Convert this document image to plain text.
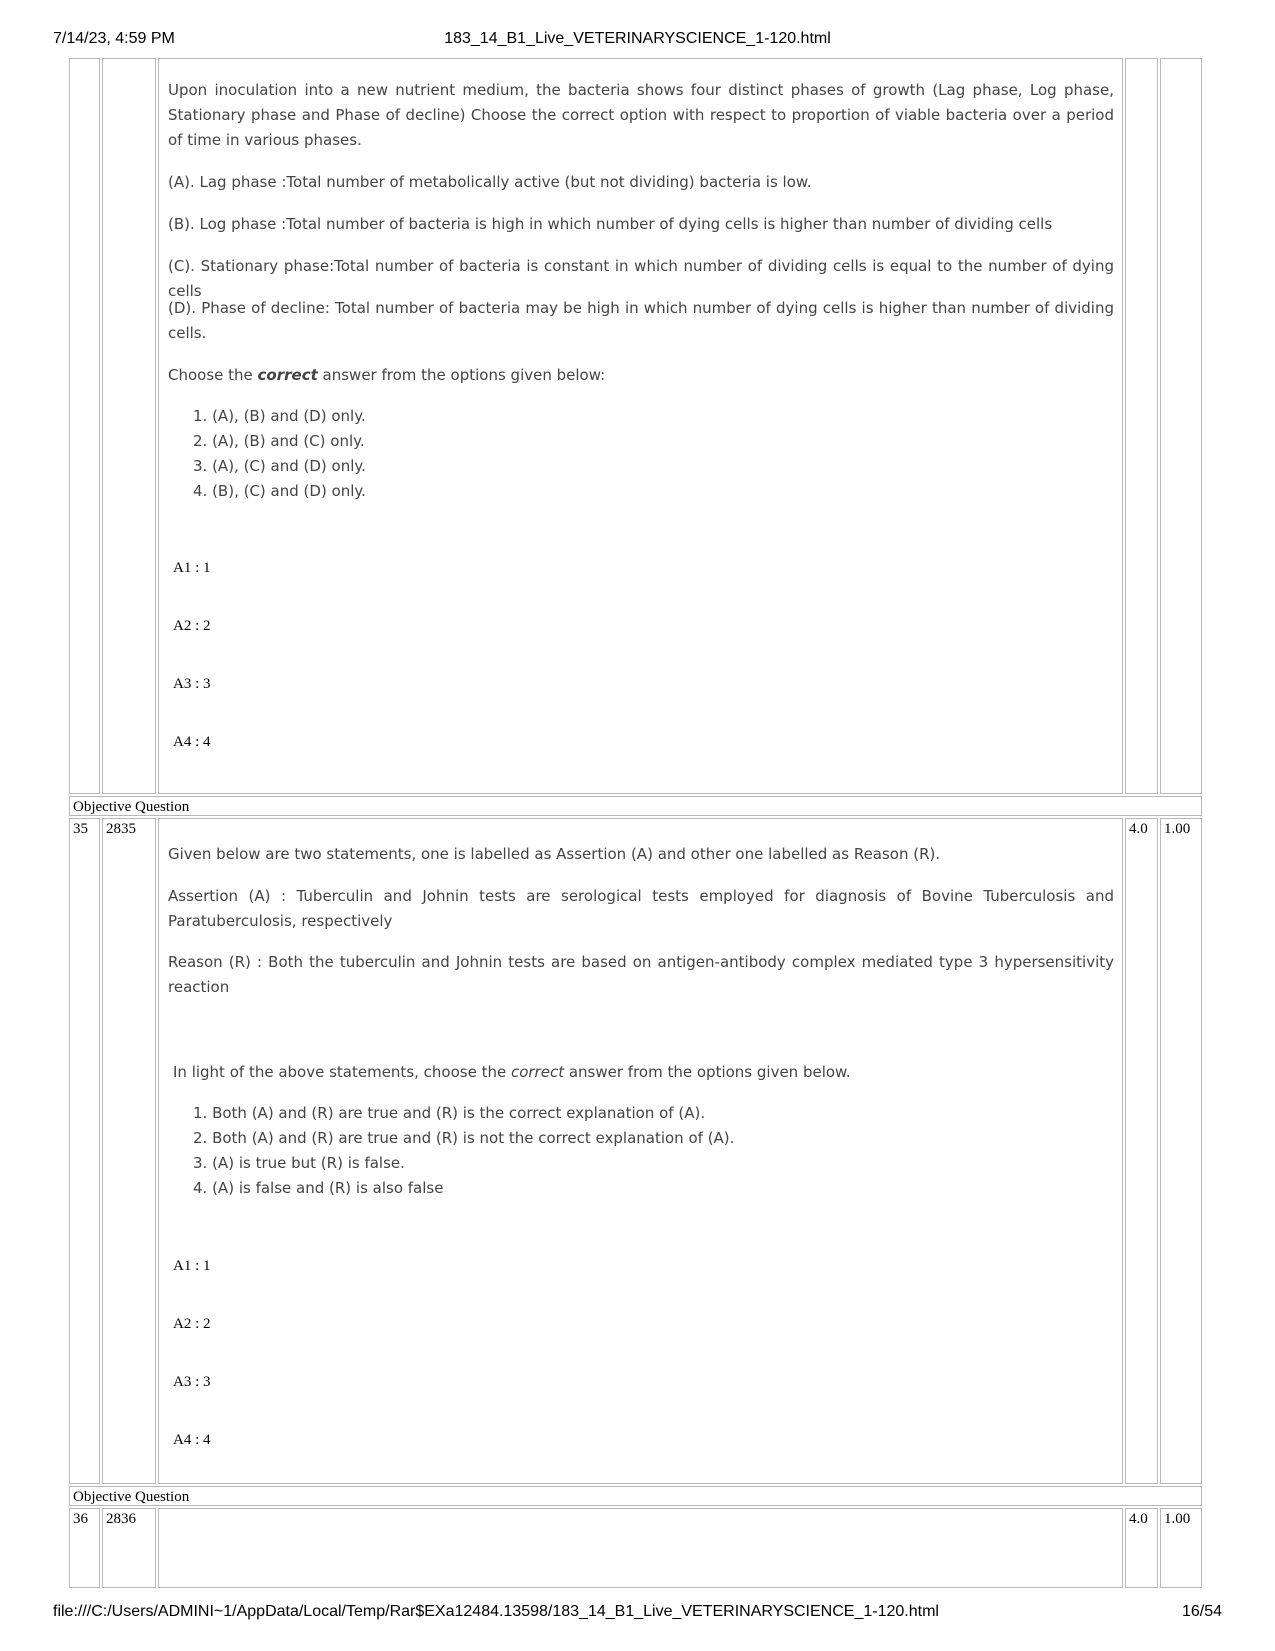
7/14/23, 4:59 PM	183_14_B1_Live_VETERINARYSCIENCE_1-120.html

Upon inoculation into a new nutrient medium, the bacteria shows four distinct phases of growth (Lag phase, Log phase, Stationary phase and Phase of decline) Choose the correct option with respect to proportion of viable bacteria over a period of time in various phases.

(A). Lag phase :Total number of metabolically active (but not dividing) bacteria is low.

(B). Log phase :Total number of bacteria is high in which number of dying cells is higher than number of dividing cells

(C). Stationary phase:Total number of bacteria is constant in which number of dividing cells is equal to the number of dying cells

(D). Phase of decline: Total number of bacteria may be high in which number of dying cells is higher than number of dividing cells.

Choose the correct answer from the options given below:

1. (A), (B) and (D) only.
2. (A), (B) and (C) only.
3. (A), (C) and (D) only.
4. (B), (C) and (D) only.
A1 : 1
A2 : 2
A3 : 3
A4 : 4
Objective Question
35 2835	4.0 1.00

Given below are two statements, one is labelled as Assertion (A) and other one labelled as Reason (R).

Assertion (A) : Tuberculin and Johnin tests are serological tests employed for diagnosis of Bovine Tuberculosis and Paratuberculosis, respectively

Reason (R) : Both the tuberculin and Johnin tests are based on antigen-antibody complex mediated type 3 hypersensitivity reaction

In light of the above statements, choose the correct answer from the options given below.

1. Both (A) and (R) are true and (R) is the correct explanation of (A).
2. Both (A) and (R) are true and (R) is not the correct explanation of (A).
3. (A) is true but (R) is false.
4. (A) is false and (R) is also false
A1 : 1
A2 : 2
A3 : 3
A4 : 4
Objective Question
36 2836	4.0 1.00
file:///C:/Users/ADMINI~1/AppData/Local/Temp/Rar$EXa12484.13598/183_14_B1_Live_VETERINARYSCIENCE_1-120.html	16/54
